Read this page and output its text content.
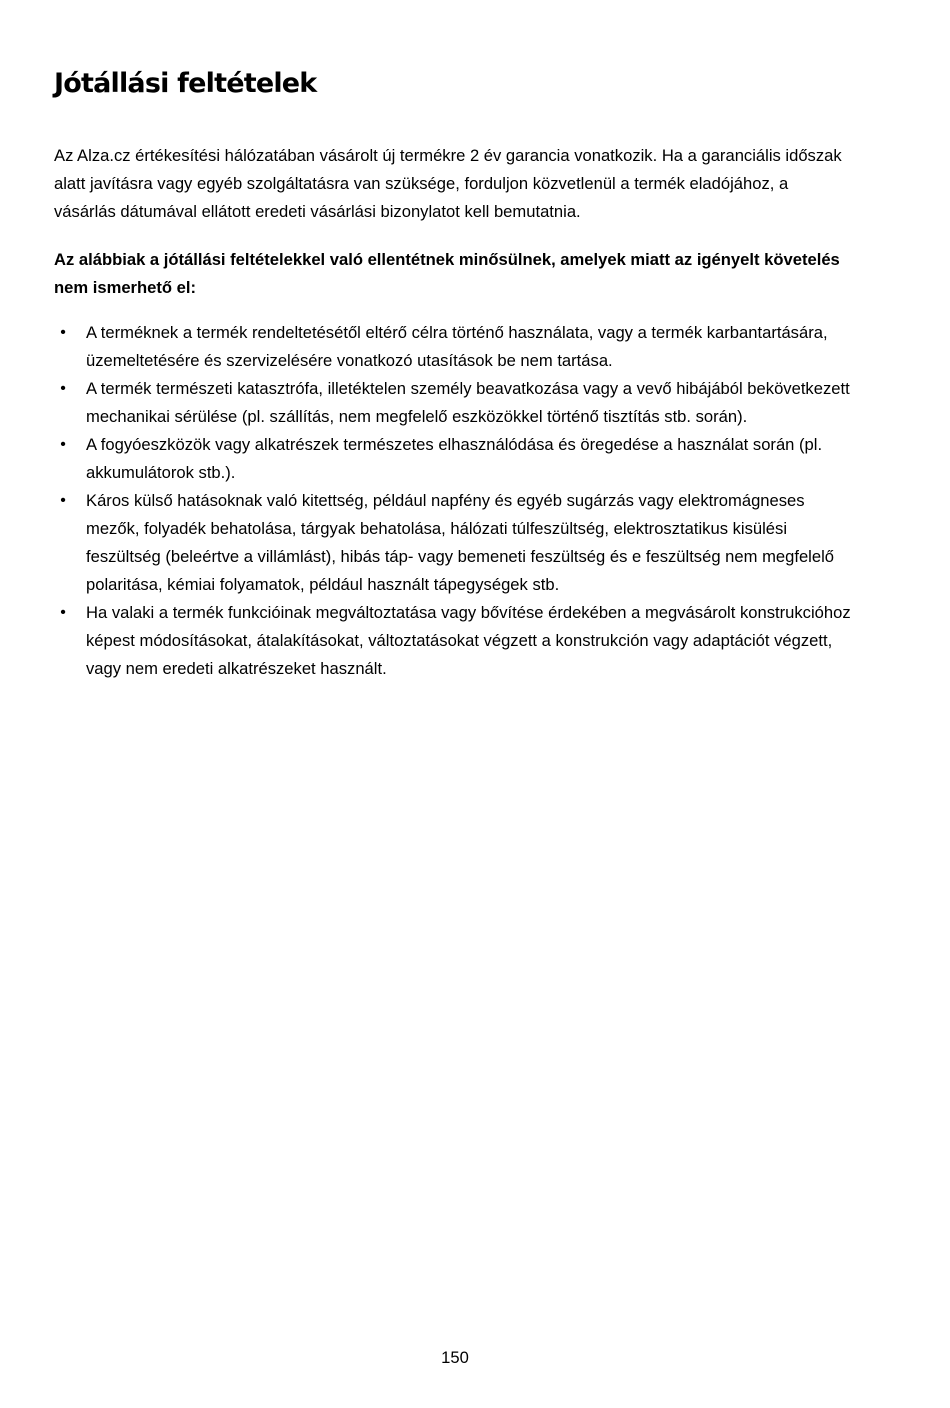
Jótállási feltételek

Az Alza.cz értékesítési hálózatában vásárolt új termékre 2 év garancia vonatkozik. Ha a garanciális időszak alatt javításra vagy egyéb szolgáltatásra van szüksége, forduljon közvetlenül a termék eladójához, a vásárlás dátumával ellátott eredeti vásárlási bizonylatot kell bemutatnia.

Az alábbiak a jótállási feltételekkel való ellentétnek minősülnek, amelyek miatt az igényelt követelés nem ismerhető el:

• A terméknek a termék rendeltetésétől eltérő célra történő használata, vagy a termék karbantartására, üzemeltetésére és szervizelésére vonatkozó utasítások be nem tartása.
• A termék természeti katasztrófa, illetéktelen személy beavatkozása vagy a vevő hibájából bekövetkezett mechanikai sérülése (pl. szállítás, nem megfelelő eszközökkel történő tisztítás stb. során).
• A fogyóeszközök vagy alkatrészek természetes elhasználódása és öregedése a használat során (pl. akkumulátorok stb.).
• Káros külső hatásoknak való kitettség, például napfény és egyéb sugárzás vagy elektromágneses mezők, folyadék behatolása, tárgyak behatolása, hálózati túlfeszültség, elektrosztatikus kisülési feszültség (beleértve a villámlást), hibás táp- vagy bemeneti feszültség és e feszültség nem megfelelő polaritása, kémiai folyamatok, például használt tápegységek stb.
• Ha valaki a termék funkcióinak megváltoztatása vagy bővítése érdekében a megvásárolt konstrukcióhoz képest módosításokat, átalakításokat, változtatásokat végzett a konstrukción vagy adaptációt végzett, vagy nem eredeti alkatrészeket használt.
150
